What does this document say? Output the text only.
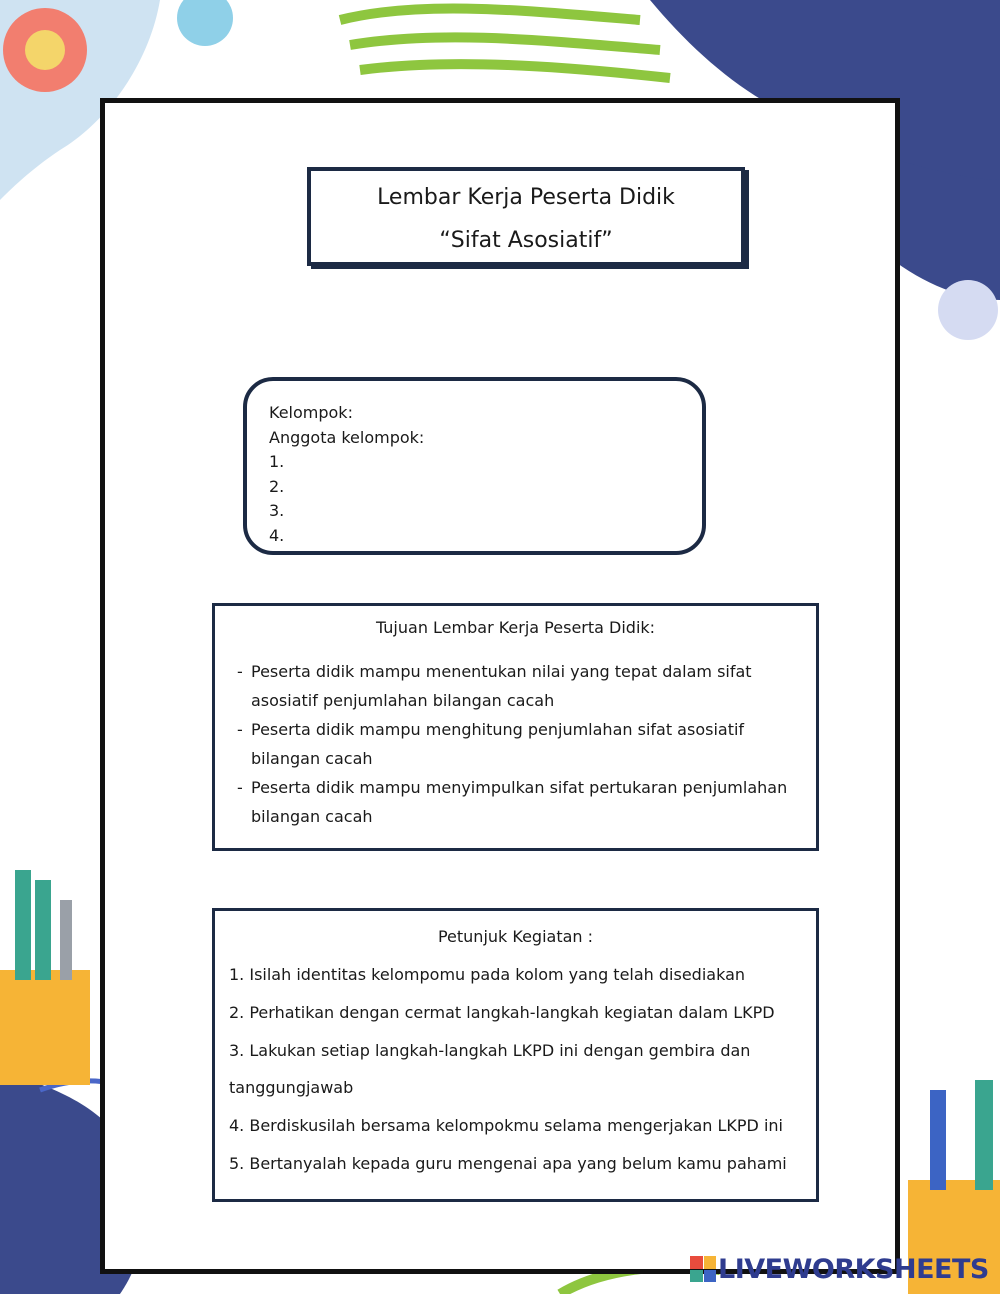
Lembar Kerja Peserta Didik
“Sifat Asosiatif”
Kelompok:
Anggota kelompok:
1.
2.
3.
4.
Tujuan Lembar Kerja Peserta Didik:
- Peserta didik mampu menentukan nilai yang tepat dalam sifat asosiatif penjumlahan bilangan cacah
- Peserta didik mampu menghitung penjumlahan sifat asosiatif bilangan cacah
- Peserta didik mampu menyimpulkan sifat pertukaran penjumlahan bilangan cacah
Petunjuk Kegiatan :
1. Isilah identitas kelompomu pada kolom yang telah disediakan
2. Perhatikan dengan cermat langkah-langkah kegiatan dalam LKPD
3. Lakukan setiap langkah-langkah LKPD ini dengan gembira dan tanggungjawab
4. Berdiskusilah bersama kelompokmu selama mengerjakan LKPD ini
5. Bertanyalah kepada guru mengenai apa yang belum kamu pahami
LIVEWORKSHEETS
